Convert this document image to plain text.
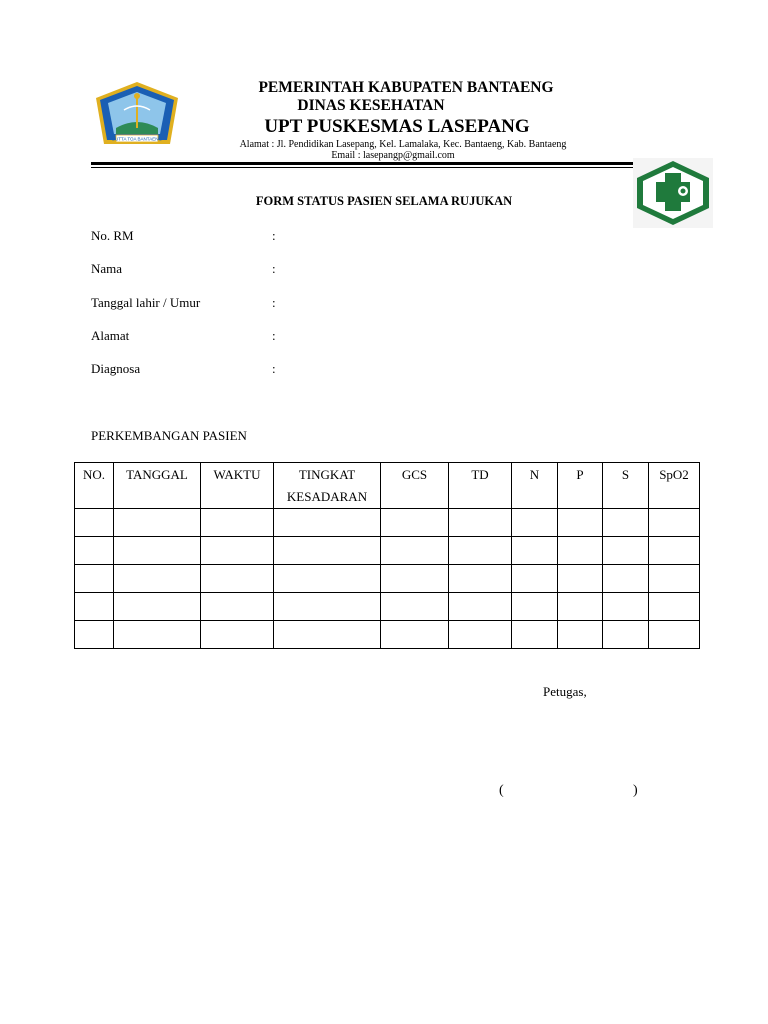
BUTTA TOA BANTAENG
PEMERINTAH KABUPATEN BANTAENG
DINAS KESEHATAN
UPT PUSKESMAS LASEPANG
Alamat : Jl. Pendidikan Lasepang, Kel. Lamalaka, Kec. Bantaeng, Kab. Bantaeng
Email : lasepangp@gmail.com
FORM STATUS PASIEN SELAMA RUJUKAN
No. RM	:
Nama	:
Tanggal lahir / Umur	:
Alamat	:
Diagnosa	:
PERKEMBANGAN PASIEN
NO.	TANGGAL	WAKTU	TINGKAT KESADARAN	GCS	TD	N	P	S	SpO2

Petugas,
(	)
